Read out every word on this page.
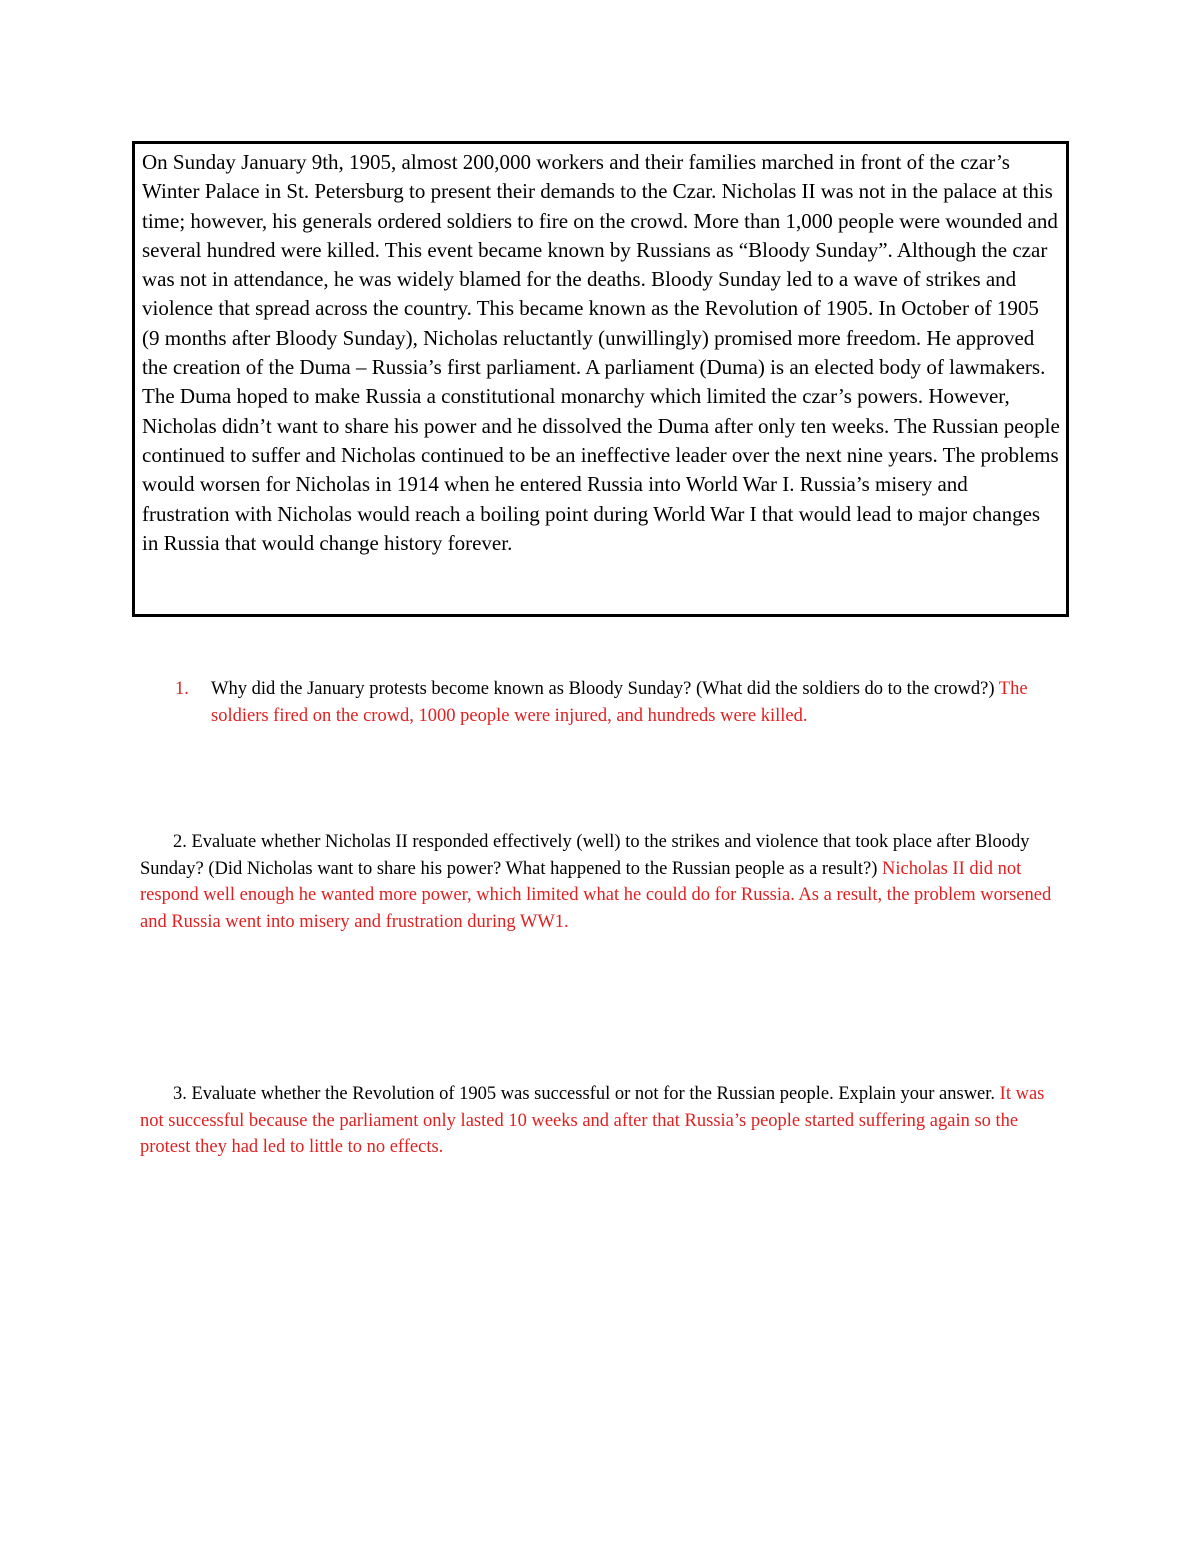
On Sunday January 9th, 1905, almost 200,000 workers and their families marched in front of the czar’s Winter Palace in St. Petersburg to present their demands to the Czar. Nicholas II was not in the palace at this time; however, his generals ordered soldiers to fire on the crowd. More than 1,000 people were wounded and several hundred were killed. This event became known by Russians as “Bloody Sunday”. Although the czar was not in attendance, he was widely blamed for the deaths. Bloody Sunday led to a wave of strikes and violence that spread across the country. This became known as the Revolution of 1905. In October of 1905 (9 months after Bloody Sunday), Nicholas reluctantly (unwillingly) promised more freedom. He approved the creation of the Duma – Russia’s first parliament. A parliament (Duma) is an elected body of lawmakers. The Duma hoped to make Russia a constitutional monarchy which limited the czar’s powers. However, Nicholas didn’t want to share his power and he dissolved the Duma after only ten weeks. The Russian people continued to suffer and Nicholas continued to be an ineffective leader over the next nine years. The problems would worsen for Nicholas in 1914 when he entered Russia into World War I. Russia’s misery and frustration with Nicholas would reach a boiling point during World War I that would lead to major changes in Russia that would change history forever.

1. Why did the January protests become known as Bloody Sunday? (What did the soldiers do to the crowd?) The soldiers fired on the crowd, 1000 people were injured, and hundreds were killed.
2. Evaluate whether Nicholas II responded effectively (well) to the strikes and violence that took place after Bloody Sunday? (Did Nicholas want to share his power? What happened to the Russian people as a result?) Nicholas II did not respond well enough he wanted more power, which limited what he could do for Russia. As a result, the problem worsened and Russia went into misery and frustration during WW1.
3. Evaluate whether the Revolution of 1905 was successful or not for the Russian people. Explain your answer. It was not successful because the parliament only lasted 10 weeks and after that Russia’s people started suffering again so the protest they had led to little to no effects.
